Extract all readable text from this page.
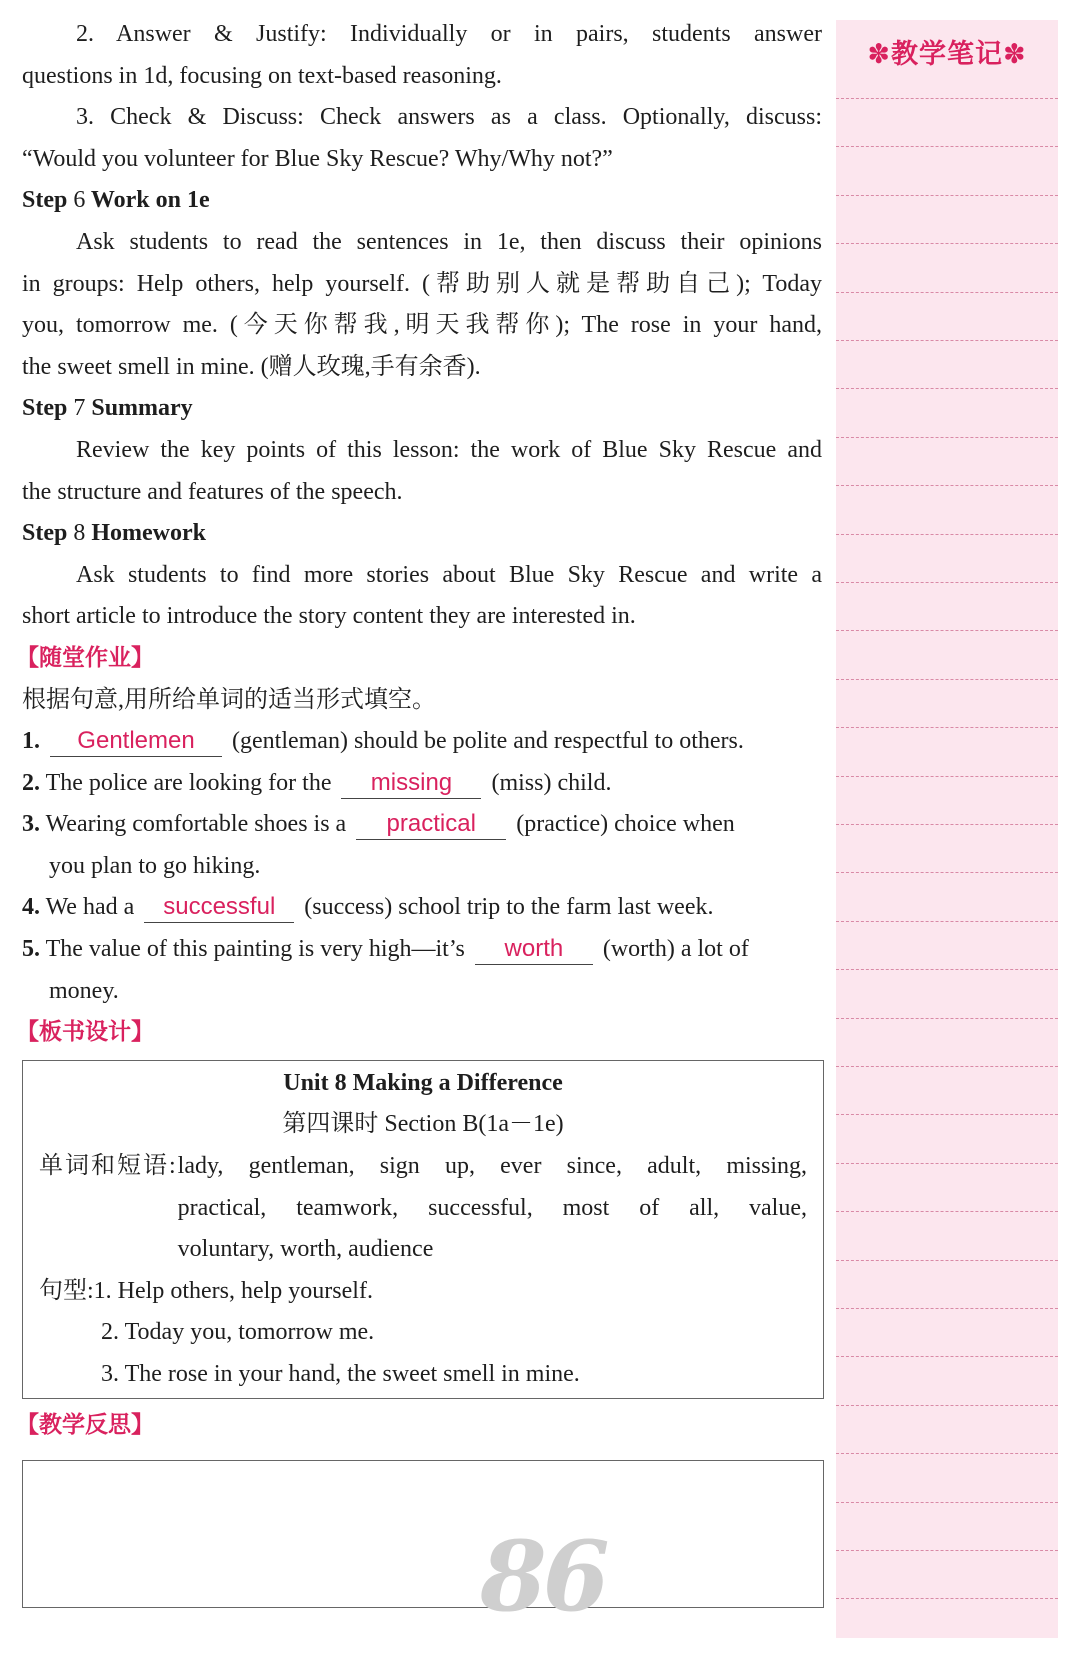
2. Answer & Justify: Individually or in pairs, students answer

questions in 1d, focusing on text-based reasoning.

3. Check & Discuss: Check answers as a class. Optionally, discuss:

“Would you volunteer for Blue Sky Rescue? Why/Why not?”

Step 6 Work on 1e

Ask students to read the sentences in 1e, then discuss their opinions

in groups: Help others, help yourself. (帮助别人就是帮助自己); Today

you, tomorrow me. (今天你帮我,明天我帮你); The rose in your hand,

the sweet smell in mine. (赠人玫瑰,手有余香).

Step 7 Summary

Review the key points of this lesson: the work of Blue Sky Rescue and

the structure and features of the speech.

Step 8 Homework

Ask students to find more stories about Blue Sky Rescue and write a

short article to introduce the story content they are interested in.

【随堂作业】

根据句意,用所给单词的适当形式填空。

1. Gentlemen (gentleman) should be polite and respectful to others.

2. The police are looking for the missing (miss) child.

3. Wearing comfortable shoes is a practical (practice) choice when

you plan to go hiking.

4. We had a successful (success) school trip to the farm last week.

5. The value of this painting is very high—it’s worth (worth) a lot of

money.

【板书设计】

Unit 8 Making a Difference

第四课时 Section B(1a－1e)

单词和短语: lady, gentleman, sign up, ever since, adult, missing,
practical, teamwork, successful, most of all, value,
voluntary, worth, audience

句型:1. Help others, help yourself.

2. Today you, tomorrow me.

3. The rose in your hand, the sweet smell in mine.

【教学反思】

✽教学笔记✽
86
